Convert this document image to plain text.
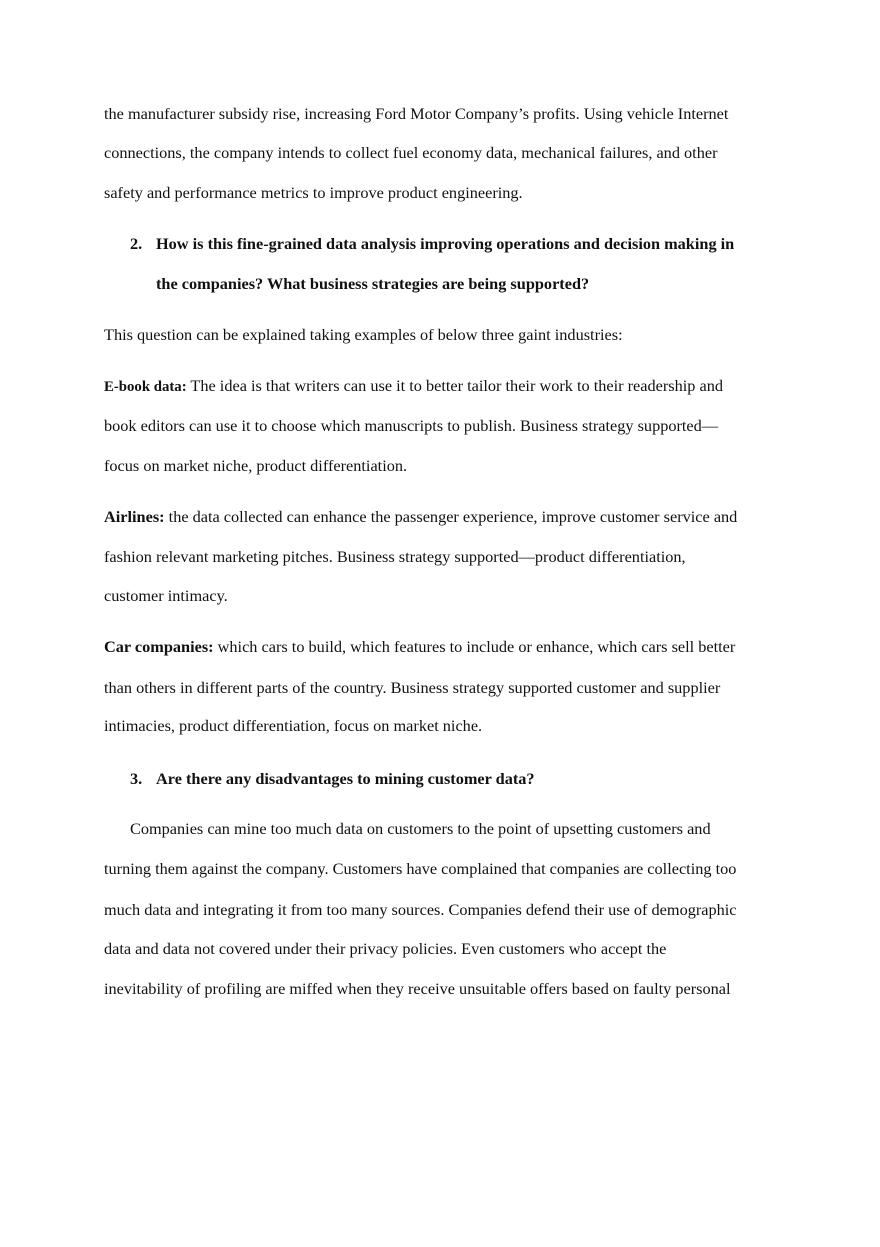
the manufacturer subsidy rise, increasing Ford Motor Company’s profits. Using vehicle Internet
connections, the company intends to collect fuel economy data, mechanical failures, and other
safety and performance metrics to improve product engineering.
2. How is this fine-grained data analysis improving operations and decision making in
the companies? What business strategies are being supported?
This question can be explained taking examples of below three gaint industries:
E-book data: The idea is that writers can use it to better tailor their work to their readership and
book editors can use it to choose which manuscripts to publish. Business strategy supported—
focus on market niche, product differentiation.
Airlines: the data collected can enhance the passenger experience, improve customer service and
fashion relevant marketing pitches. Business strategy supported—product differentiation,
customer intimacy.
Car companies: which cars to build, which features to include or enhance, which cars sell better
than others in different parts of the country. Business strategy supported customer and supplier
intimacies, product differentiation, focus on market niche.
3. Are there any disadvantages to mining customer data?
Companies can mine too much data on customers to the point of upsetting customers and
turning them against the company. Customers have complained that companies are collecting too
much data and integrating it from too many sources. Companies defend their use of demographic
data and data not covered under their privacy policies. Even customers who accept the
inevitability of profiling are miffed when they receive unsuitable offers based on faulty personal
